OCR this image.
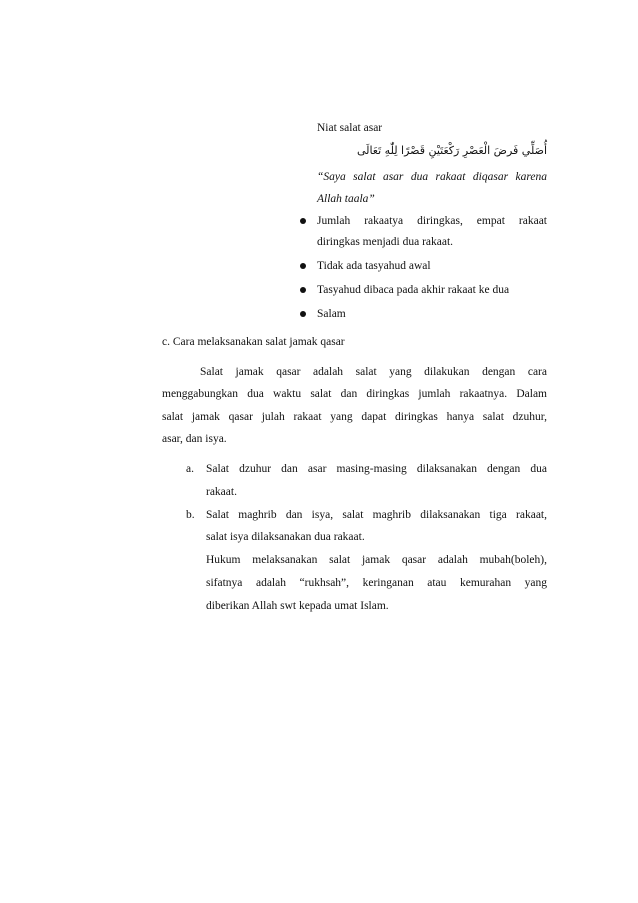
Niat salat asar
أُصَلِّي فَرضَ الْعَصْرِ رَكْعَتَيْنِ قَصْرًا لِلّٰهِ تَعَالَى
“Saya salat asar dua rakaat diqasar karena
Allah taala”
Jumlah rakaatya diringkas, empat rakaat
diringkas menjadi dua rakaat.
Tidak ada tasyahud awal
Tasyahud dibaca pada akhir rakaat ke dua
Salam
c. Cara melaksanakan salat jamak qasar
Salat jamak qasar adalah salat yang dilakukan dengan cara
menggabungkan dua waktu salat dan diringkas jumlah rakaatnya. Dalam
salat jamak qasar julah rakaat yang dapat diringkas hanya salat dzuhur,
asar, dan isya.
a. Salat dzuhur dan asar masing-masing dilaksanakan dengan dua
rakaat.
b. Salat maghrib dan isya, salat maghrib dilaksanakan tiga rakaat,
salat isya dilaksanakan dua rakaat.
Hukum melaksanakan salat jamak qasar adalah mubah(boleh),
sifatnya adalah “rukhsah”, keringanan atau kemurahan yang
diberikan Allah swt kepada umat Islam.
